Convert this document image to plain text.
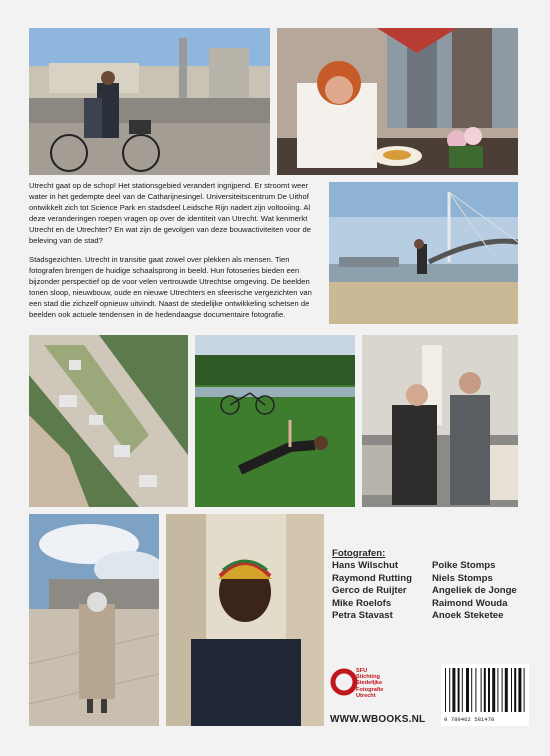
Utrecht gaat op de schop! Het stationsgebied verandert ingrijpend. Er stroomt weer water in het gedempte deel van de Catharijnesingel. Universiteitscentrum De Uithof ontwikkelt zich tot Science Park en stadsdeel Leidsche Rijn nadert zijn voltooiing. Al deze veranderingen roepen vragen op over de identiteit van Utrecht. Wat kenmerkt Utrecht en de Utrechter? En wat zijn de gevolgen van deze bouwactiviteiten voor de beleving van de stad?

Stadsgezichten. Utrecht in transitie gaat zowel over plekken als mensen. Tien fotografen brengen de huidige schaalsprong in beeld. Hun fotoseries bieden een bijzonder perspectief op de voor velen vertrouwde Utrechtse omgeving. De beelden tonen sloop, nieuwbouw, oude en nieuwe Utrechters en sfeerische vergezichten van een stad die zichzelf opnieuw uitvindt. Naast de stedelijke ontwikkeling schetsen de beelden ook actuele tendensen in de hedendaagse documentaire fotografie.

Fotografen:
Hans Wilschut
Raymond Rutting
Gerco de Ruijter
Mike Roelofs
Petra Stavast
Poike Stomps
Niels Stomps
Angeliek de Jonge
Raimond Wouda
Anoek Steketee
SFU
Stichting
Stedelijke
Fotografie
Utrecht
WWW.WBOOKS.NL	9 789462 581470
